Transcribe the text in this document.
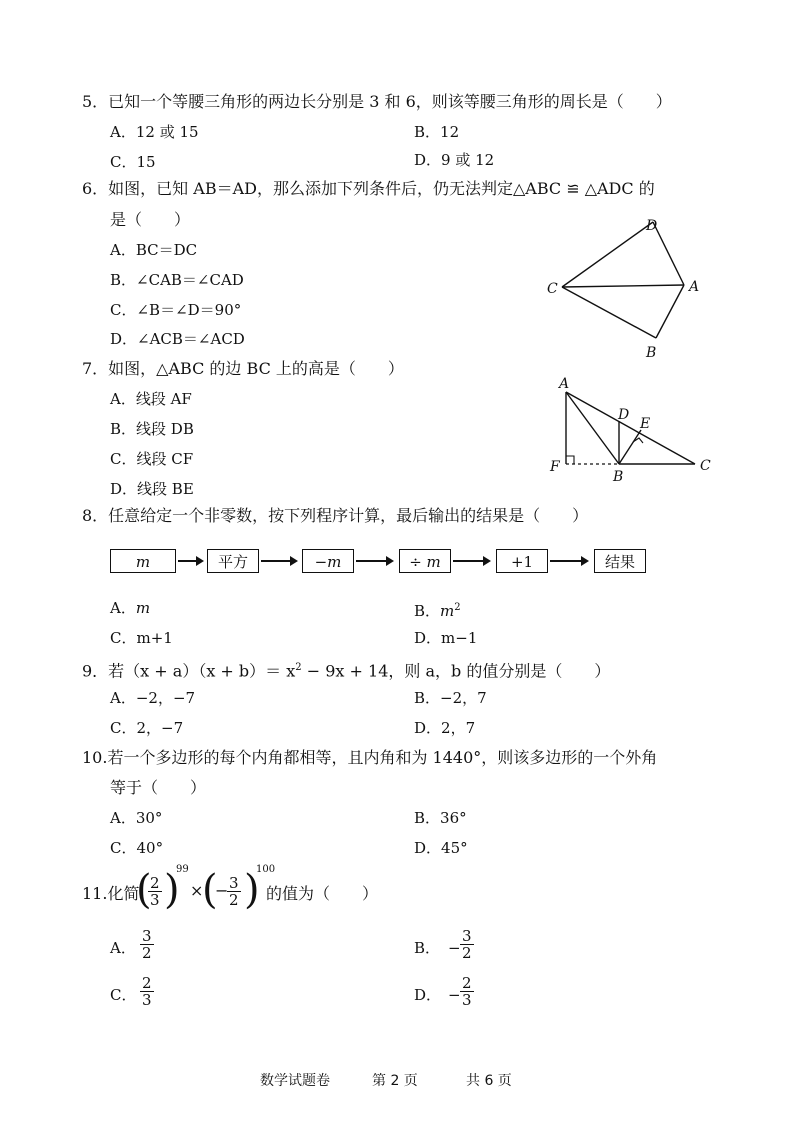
5．已知一个等腰三角形的两边长分别是 3 和 6，则该等腰三角形的周长是（　　）
A．12 或 15	B．12
C．15	D．9 或 12
6．如图，已知 AB＝AD，那么添加下列条件后，仍无法判定△ABC ≌ △ADC 的
是（　　）
A．BC＝DC
B．∠CAB＝∠CAD
C．∠B＝∠D＝90°
D．∠ACB＝∠ACD
D
C	A
B
7．如图，△ABC 的边 BC 上的高是（　　）
A．线段 AF
B．线段 DB
C．线段 CF
D．线段 BE
A
D
E
F
B
C
8．任意给定一个非零数，按下列程序计算，最后输出的结果是（　　）
m	平方	−m	÷ m	+1	结果
A．m	B．$m^2$
C．m+1	D．m−1
9．若$(x + a)(x + b)= x^2 - 9x + 14$，则 a，b 的值分别是（　　）
A．−2，−7	B．−2，7
C．2，−7	D．2，7
10.若一个多边形的每个内角都相等，且内角和为 1440°，则该多边形的一个外角
等于（　　）
A．30°	B．36°
C．40°	D．45°
11.化简
(
$\frac{2}{3}$ )
99
×
(
−
$\frac{3}{2}$ )
100
的值为（　　）
A． $\frac{3}{2}$	B． − $\frac{3}{2}$
C． $\frac{2}{3}$	D． − $\frac{2}{3}$
数学试题卷	第 2 页	共 6 页
